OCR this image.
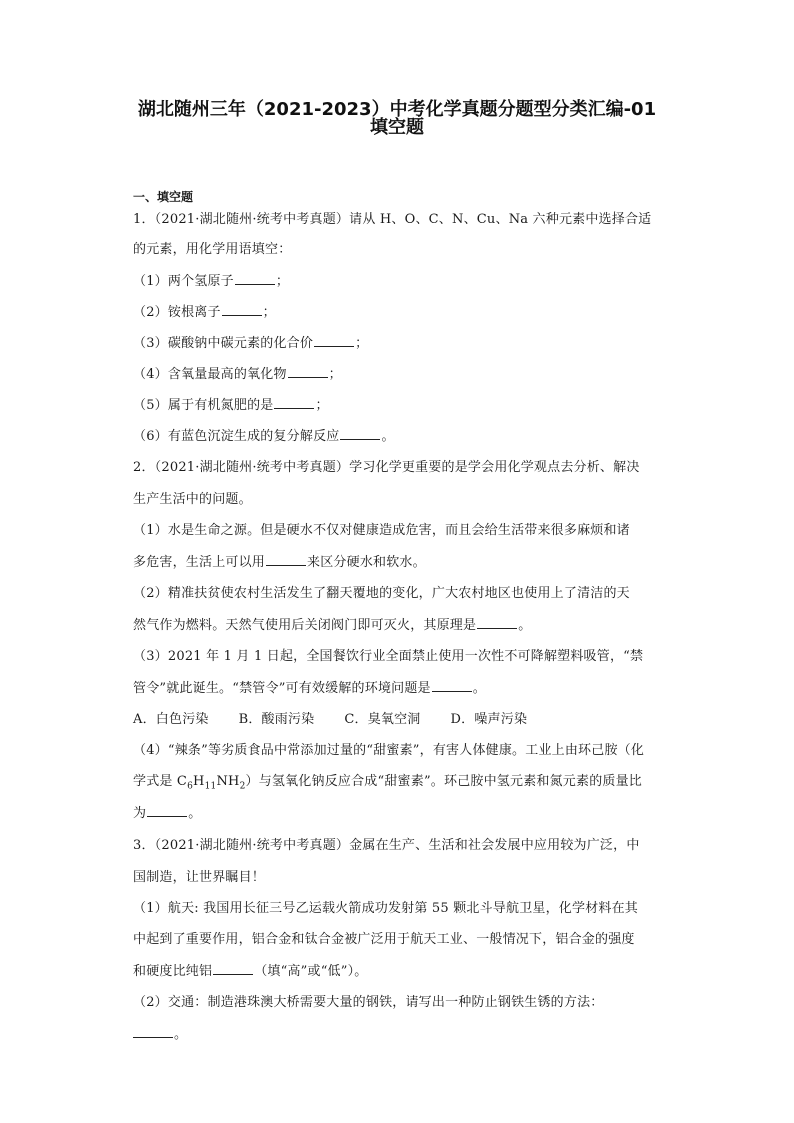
湖北随州三年（2021-2023）中考化学真题分题型分类汇编-01
填空题
一、填空题
1．（2021·湖北随州·统考中考真题）请从 H、O、C、N、Cu、Na 六种元素中选择合适
的元素，用化学用语填空：
（1）两个氢原子	；
（2）铵根离子	；
（3）碳酸钠中碳元素的化合价	；
（4）含氧量最高的氧化物	；
（5）属于有机氮肥的是	；
（6）有蓝色沉淀生成的复分解反应	。
2．（2021·湖北随州·统考中考真题）学习化学更重要的是学会用化学观点去分析、解决
生产生活中的问题。
（1）水是生命之源。但是硬水不仅对健康造成危害，而且会给生活带来很多麻烦和诸
多危害，生活上可以用	来区分硬水和软水。
（2）精准扶贫使农村生活发生了翻天覆地的变化，广大农村地区也使用上了清洁的天
然气作为燃料。天然气使用后关闭阀门即可灭火，其原理是	。
（3）2021 年 1 月 1 日起，全国餐饮行业全面禁止使用一次性不可降解塑料吸管，“禁
管令”就此诞生。“禁管令”可有效缓解的环境问题是	。
A．白色污染 B．酸雨污染 C．臭氧空洞 D．噪声污染
（4）“辣条”等劣质食品中常添加过量的“甜蜜素”，有害人体健康。工业上由环己胺（化
学式是 $C_6H_{11}NH_2$）与氢氧化钠反应合成“甜蜜素”。环己胺中氢元素和氮元素的质量比
为	。
3．（2021·湖北随州·统考中考真题）金属在生产、生活和社会发展中应用较为广泛，中
国制造，让世界瞩目！
（1）航天: 我国用长征三号乙运载火箭成功发射第 55 颗北斗导航卫星，化学材料在其
中起到了重要作用，铝合金和钛合金被广泛用于航天工业、一般情况下，铝合金的强度
和硬度比纯铝	（填“高”或“低”）。
（2）交通：制造港珠澳大桥需要大量的钢铁，请写出一种防止钢铁生锈的方法：
。
